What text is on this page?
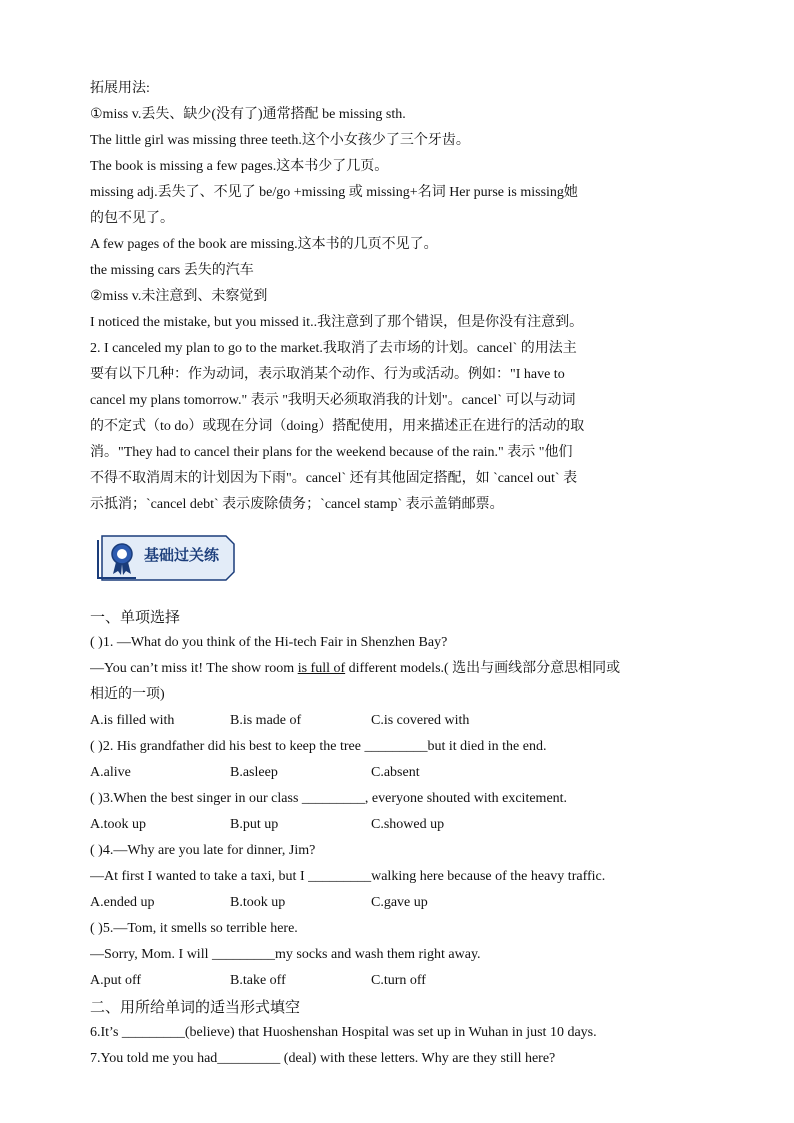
拓展用法:
①miss v.丢失、缺少(没有了)通常搭配 be missing sth.
The little girl was missing three teeth.这个小女孩少了三个牙齿。
The book is missing a few pages.这本书少了几页。
missing adj.丢失了、不见了 be/go +missing 或 missing+名词 Her purse is missing她
的包不见了。
A few pages of the book are missing.这本书的几页不见了。
the missing cars 丢失的汽车
②miss v.未注意到、未察觉到
I noticed the mistake, but you missed it..我注意到了那个错误，但是你没有注意到。
2. I canceled my plan to go to the market.我取消了去市场的计划。cancel` 的用法主
要有以下几种：作为动词，表示取消某个动作、行为或活动。例如："I have to
cancel my plans tomorrow." 表示 "我明天必须取消我的计划"。cancel` 可以与动词
的不定式（to do）或现在分词（doing）搭配使用，用来描述正在进行的活动的取
消。"They had to cancel their plans for the weekend because of the rain." 表示 "他们
不得不取消周末的计划因为下雨"。cancel` 还有其他固定搭配，如 `cancel out` 表
示抵消；`cancel debt` 表示废除债务；`cancel stamp` 表示盖销邮票。
基础过关练
一、单项选择
( )1. —What do you think of the Hi-tech Fair in Shenzhen Bay?
—You can’t miss it! The show room is full of different models.( 选出与画线部分意思相同或
相近的一项)
A.is filled with	B.is made of	C.is covered with
( )2. His grandfather did his best to keep the tree _________but it died in the end.
A.alive	B.asleep	C.absent
( )3.When the best singer in our class _________, everyone shouted with excitement.
A.took up	B.put up	C.showed up
( )4.—Why are you late for dinner, Jim?
—At first I wanted to take a taxi, but I _________walking here because of the heavy traffic.
A.ended up	B.took up	C.gave up
( )5.—Tom, it smells so terrible here.
—Sorry, Mom. I will _________my socks and wash them right away.
A.put off	B.take off	C.turn off
二、用所给单词的适当形式填空
6.It’s _________(believe) that Huoshenshan Hospital was set up in Wuhan in just 10 days.
7.You told me you had_________ (deal) with these letters. Why are they still here?
